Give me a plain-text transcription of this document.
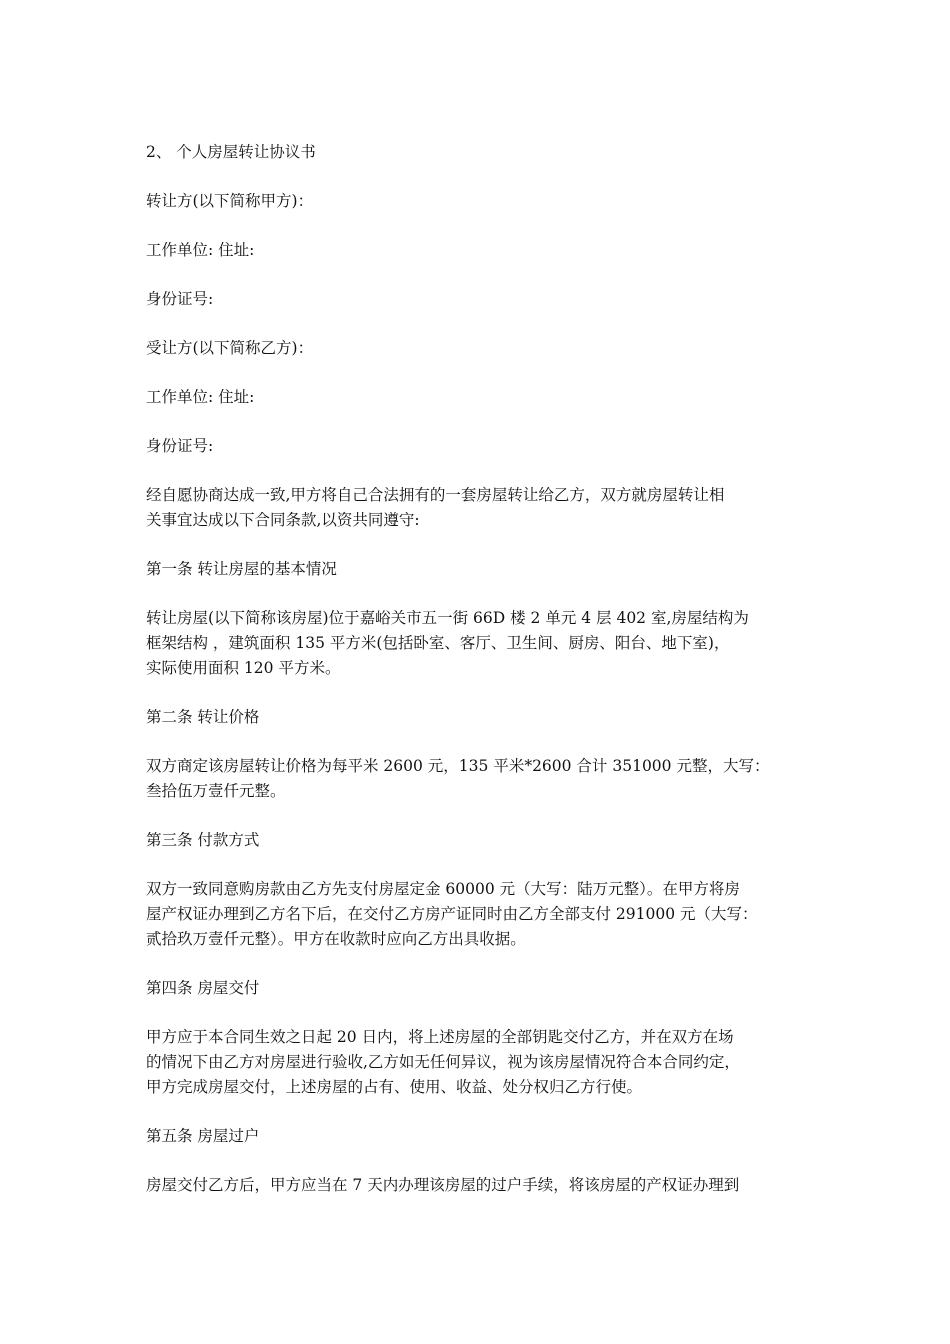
2、 个人房屋转让协议书

转让方(以下简称甲方)：

工作单位: 住址:

身份证号:

受让方(以下简称乙方)：

工作单位: 住址:

身份证号:

经自愿协商达成一致,甲方将自己合法拥有的一套房屋转让给乙方，双方就房屋转让相
关事宜达成以下合同条款,以资共同遵守:

第一条 转让房屋的基本情况

转让房屋(以下简称该房屋)位于嘉峪关市五一街 66D 楼 2 单元 4 层 402 室,房屋结构为
框架结构 ，建筑面积 135 平方米(包括卧室、客厅、卫生间、厨房、阳台、地下室)，
实际使用面积 120 平方米。

第二条 转让价格

双方商定该房屋转让价格为每平米 2600 元，135 平米*2600 合计 351000 元整，大写：
叁拾伍万壹仟元整。

第三条 付款方式

双方一致同意购房款由乙方先支付房屋定金 60000 元（大写：陆万元整）。在甲方将房
屋产权证办理到乙方名下后，在交付乙方房产证同时由乙方全部支付 291000 元（大写：
贰拾玖万壹仟元整）。甲方在收款时应向乙方出具收据。

第四条 房屋交付

甲方应于本合同生效之日起 20 日内，将上述房屋的全部钥匙交付乙方，并在双方在场
的情况下由乙方对房屋进行验收,乙方如无任何异议，视为该房屋情况符合本合同约定，
甲方完成房屋交付，上述房屋的占有、使用、收益、处分权归乙方行使。

第五条 房屋过户

房屋交付乙方后，甲方应当在 7 天内办理该房屋的过户手续，将该房屋的产权证办理到
